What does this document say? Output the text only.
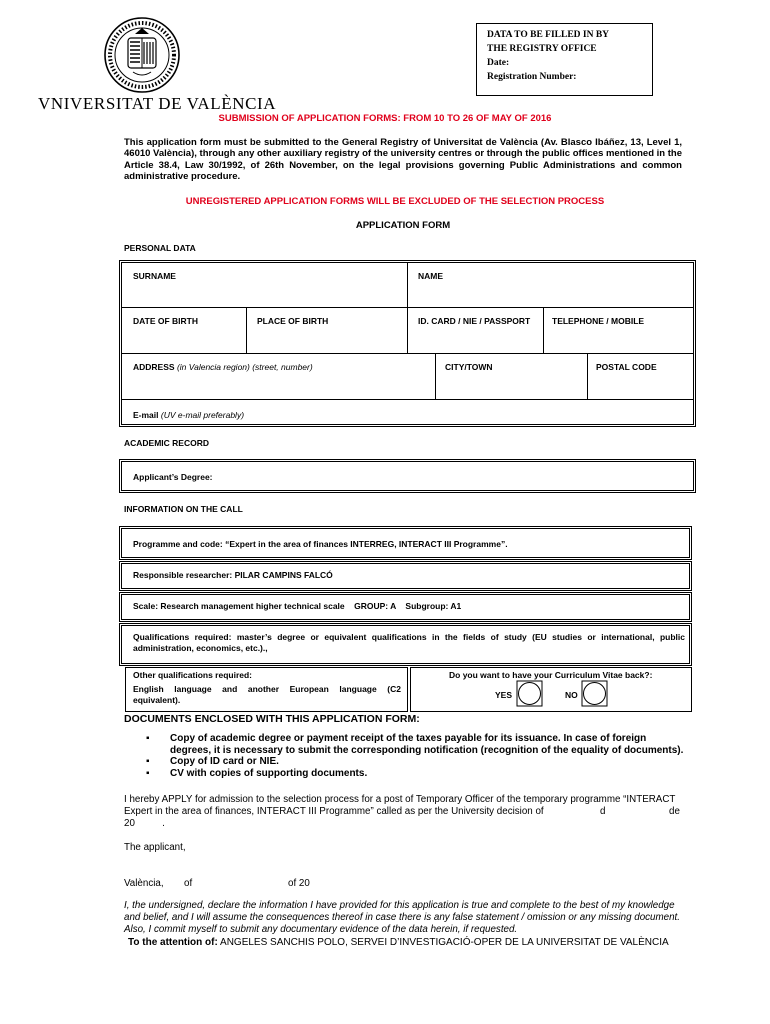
VNIVERSITAT DE VALÈNCIA
DATA TO BE FILLED IN BY
THE REGISTRY OFFICE
Date:
Registration Number:
SUBMISSION OF APPLICATION FORMS: FROM 10 TO 26 OF MAY OF 2016
This application form must be submitted to the General Registry of Universitat de València (Av. Blasco Ibáñez, 13, Level 1, 46010 València), through any other auxiliary registry of the university centres or through the public offices mentioned in the Article 38.4, Law 30/1992, of 26th November, on the legal provisions governing Public Administrations and common administrative procedure.
UNREGISTERED APPLICATION FORMS WILL BE EXCLUDED OF THE SELECTION PROCESS
APPLICATION FORM
PERSONAL DATA
SURNAME	NAME
DATE OF BIRTH	PLACE OF BIRTH	ID. CARD / NIE / PASSPORT	TELEPHONE / MOBILE
ADDRESS (in Valencia region) (street, number)	CITY/TOWN	POSTAL CODE
E-mail (UV e-mail preferably)
ACADEMIC RECORD
Applicant’s Degree:
INFORMATION ON THE CALL
Programme and code: “Expert in the area of finances INTERREG, INTERACT III Programme”.
Responsible researcher: PILAR CAMPINS FALCÓ
Scale: Research management higher technical scale    GROUP: A    Subgroup: A1
Qualifications required: master’s degree or equivalent qualifications in the fields of study (EU studies or international, public administration, economics, etc.).,
Other qualifications required:
English language and another European language (C2 equivalent).
Do you want to have your Curriculum Vitae back?:
YES	NO
DOCUMENTS ENCLOSED WITH THIS APPLICATION FORM:
▪	Copy of academic degree or payment receipt of the taxes payable for its issuance. In case of foreign degrees, it is necessary to submit the corresponding notification (recognition of the equality of documents).
▪	Copy of ID card or NIE.
▪	CV with copies of supporting documents.
I hereby APPLY for admission to the selection process for a post of Temporary Officer of the temporary programme “INTERACT
Expert in the area of finances, INTERACT III Programme” called as per the University decision of	d	de
20          .
The applicant,
València, of	of 20
I, the undersigned, declare the information I have provided for this application is true and complete to the best of my knowledge and belief, and I will assume the consequences thereof in case there is any false statement / omission or any missing document. Also, I commit myself to submit any documentary evidence of the data herein, if requested.
To the attention of: ANGELES SANCHIS POLO, SERVEI D’INVESTIGACIÓ-OPER DE LA UNIVERSITAT DE VALÈNCIA
